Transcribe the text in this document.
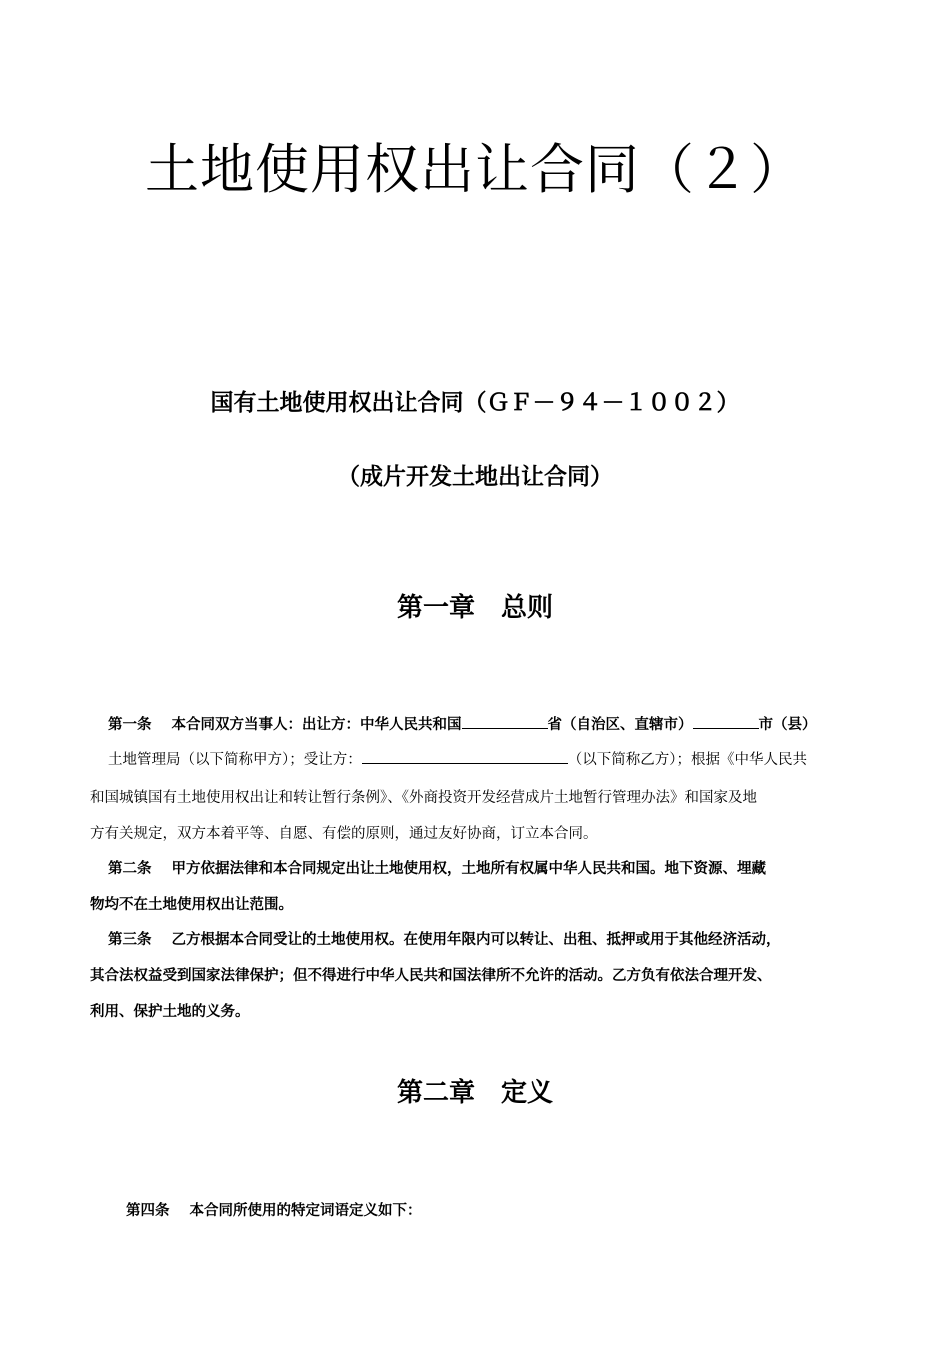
土地使用权出让合同（２）
国有土地使用权出让合同（ＧＦ－９４－１００２）
（成片开发土地出让合同）
第一章　总则
第一条 本合同双方当事人：出让方：中华人民共和国	省（自治区、直辖市）	市（县）
土地管理局（以下简称甲方）；受让方：	（以下简称乙方）；根据《中华人民共
和国城镇国有土地使用权出让和转让暂行条例》、《外商投资开发经营成片土地暂行管理办法》和国家及地
方有关规定，双方本着平等、自愿、有偿的原则，通过友好协商，订立本合同。
第二条 甲方依据法律和本合同规定出让土地使用权，土地所有权属中华人民共和国。地下资源、埋藏
物均不在土地使用权出让范围。
第三条 乙方根据本合同受让的土地使用权。在使用年限内可以转让、出租、抵押或用于其他经济活动，
其合法权益受到国家法律保护；但不得进行中华人民共和国法律所不允许的活动。乙方负有依法合理开发、
利用、保护土地的义务。
第二章　定义
第四条 本合同所使用的特定词语定义如下：
